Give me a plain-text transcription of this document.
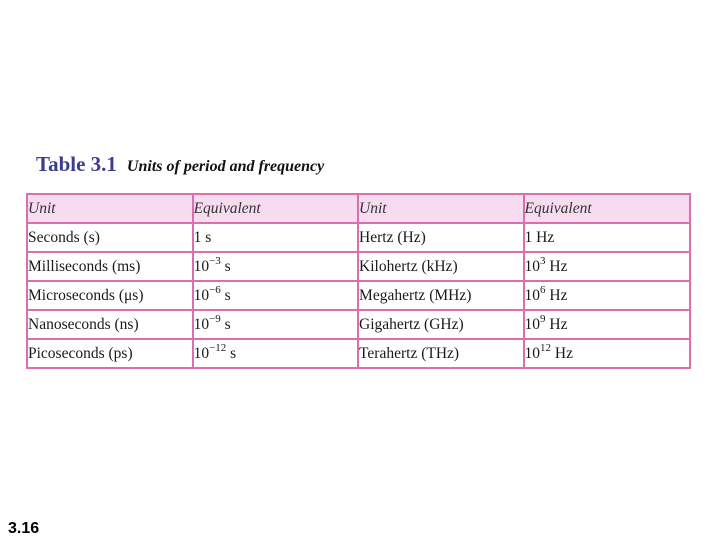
Table 3.1 Units of period and frequency
Unit	Equivalent	Unit	Equivalent
Seconds (s)	1 s	Hertz (Hz)	1 Hz
Milliseconds (ms)	$10^{-3}$ s	Kilohertz (kHz)	$10^3$ Hz
Microseconds (μs)	$10^{-6}$ s	Megahertz (MHz)	$10^6$ Hz
Nanoseconds (ns)	$10^{-9}$ s	Gigahertz (GHz)	$10^9$ Hz
Picoseconds (ps)	$10^{-12}$ s	Terahertz (THz)	$10^{12}$ Hz
3.16
